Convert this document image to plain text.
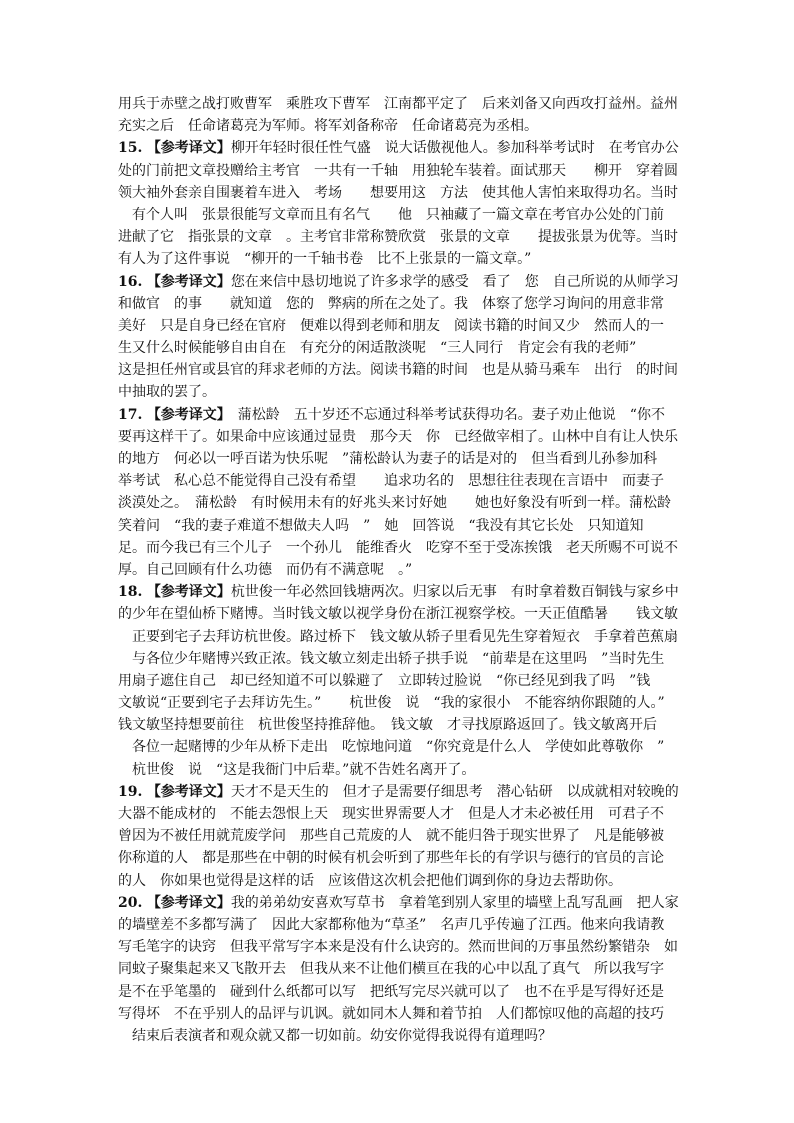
用兵于赤壁之战打败曹军　乘胜攻下曹军　江南都平定了　后来刘备又向西攻打益州。益州
充实之后　任命诸葛亮为军师。将军刘备称帝　任命诸葛亮为丞相。
15. 【参考译文】柳开年轻时很任性气盛　说大话傲视他人。参加科举考试时　在考官办公
处的门前把文章投赠给主考官　一共有一千轴　用独轮车装着。面试那天　　柳开　穿着圆
领大袖外套亲自围裹着车进入　考场　　想要用这　方法　使其他人害怕来取得功名。当时
　有个人叫　张景很能写文章而且有名气　　他　只袖藏了一篇文章在考官办公处的门前
进献了它　指张景的文章　。主考官非常称赞欣赏　张景的文章　　提拔张景为优等。当时
有人为了这件事说　“柳开的一千轴书卷　比不上张景的一篇文章。”
16. 【参考译文】您在来信中恳切地说了许多求学的感受　看了　您　自己所说的从师学习
和做官　的事　　就知道　您的　弊病的所在之处了。我　体察了您学习询问的用意非常
美好　只是自身已经在官府　便难以得到老师和朋友　阅读书籍的时间又少　然而人的一
生又什么时候能够自由自在　有充分的闲适散淡呢　“三人同行　肯定会有我的老师”
这是担任州官或县官的拜求老师的方法。阅读书籍的时间　也是从骑马乘车　出行　的时间
中抽取的罢了。
17. 【参考译文】　蒲松龄　五十岁还不忘通过科举考试获得功名。妻子劝止他说　“你不
要再这样干了。如果命中应该通过显贵　那今天　你　已经做宰相了。山林中自有让人快乐
的地方　何必以一呼百诺为快乐呢　”蒲松龄认为妻子的话是对的　但当看到儿孙参加科
举考试　私心总不能觉得自己没有希望　　追求功名的　思想往往表现在言语中　而妻子
淡漠处之。　蒲松龄　有时候用未有的好兆头来讨好她　　她也好象没有听到一样。蒲松龄
笑着问　“我的妻子难道不想做夫人吗　”　她　回答说　“我没有其它长处　只知道知
足。而今我已有三个儿子　一个孙儿　能维香火　吃穿不至于受冻挨饿　老天所赐不可说不
厚。自己回顾有什么功德　而仍有不满意呢　。”
18. 【参考译文】杭世俊一年必然回钱塘两次。归家以后无事　有时拿着数百铜钱与家乡中
的少年在望仙桥下赌博。当时钱文敏以视学身份在浙江视察学校。一天正值酷暑　　钱文敏
　正要到宅子去拜访杭世俊。路过桥下　钱文敏从轿子里看见先生穿着短衣　手拿着芭蕉扇
　与各位少年赌博兴致正浓。钱文敏立刻走出轿子拱手说　“前辈是在这里吗　”当时先生
用扇子遮住自己　却已经知道不可以躲避了　立即转过脸说　“你已经见到我了吗　”钱
文敏说“正要到宅子去拜访先生。”　　杭世俊　说　“我的家很小　不能容纳你跟随的人。”
钱文敏坚持想要前往　杭世俊坚持推辞他。　钱文敏　才寻找原路返回了。钱文敏离开后
　各位一起赌博的少年从桥下走出　吃惊地问道　“你究竟是什么人　学使如此尊敬你　”
　杭世俊　说　“这是我衙门中后辈。”就不告姓名离开了。
19. 【参考译文】天才不是天生的　但才子是需要仔细思考　潜心钻研　以成就相对较晚的
大器不能成材的　不能去怨恨上天　现实世界需要人才　但是人才未必被任用　可君子不
曾因为不被任用就荒废学问　那些自己荒废的人　就不能归咎于现实世界了　凡是能够被
你称道的人　都是那些在中朝的时候有机会听到了那些年长的有学识与德行的官员的言论
的人　你如果也觉得是这样的话　应该借这次机会把他们调到你的身边去帮助你。
20. 【参考译文】我的弟弟幼安喜欢写草书　拿着笔到别人家里的墙壁上乱写乱画　把人家
的墙壁差不多都写满了　因此大家都称他为“草圣”　名声几乎传遍了江西。他来向我请教
写毛笔字的诀窍　但我平常写字本来是没有什么诀窍的。然而世间的万事虽然纷繁错杂　如
同蚊子聚集起来又飞散开去　但我从来不让他们横亘在我的心中以乱了真气　所以我写字
是不在乎笔墨的　碰到什么纸都可以写　把纸写完尽兴就可以了　也不在乎是写得好还是
写得坏　不在乎别人的品评与讥讽。就如同木人舞和着节拍　人们都惊叹他的高超的技巧
　结束后表演者和观众就又都一切如前。幼安你觉得我说得有道理吗？
